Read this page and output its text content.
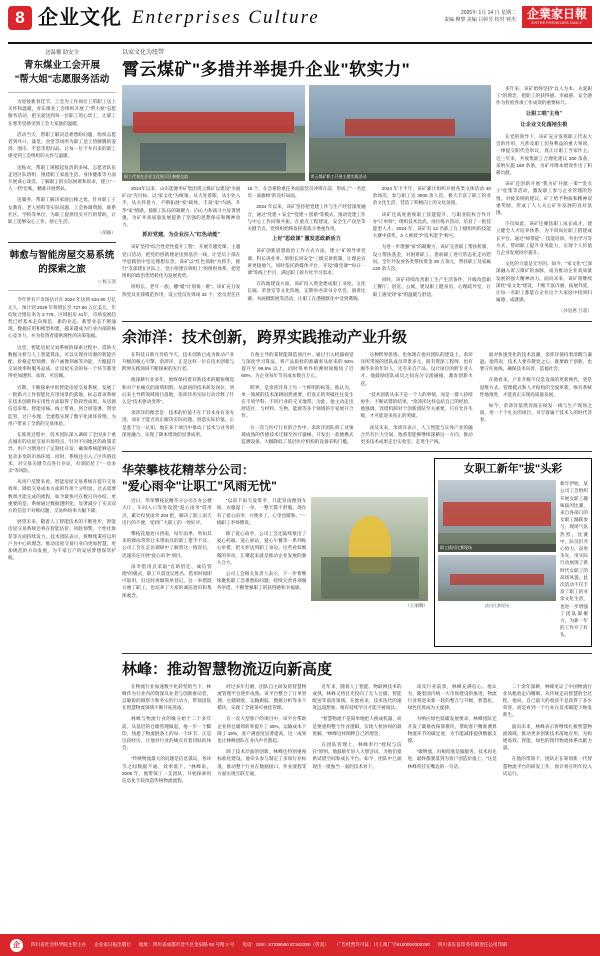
8 企业文化 Enterprises Culture	2025年 1月 14 日 星期二
责编 穆黎 美编 吕婷芳 校对 钟杰 企業家日報
ENTREPRENEURS DAILY
送温馨 助安全
青东煤业工会开展
"帮大姐"志愿服务活动

为迎接新春佳节，工会为工作岗位上的职工送上关怀和温暖，青东煤业工会组织开展了"帮大姐"志愿服务活动，把关爱送到每一位职工的心坎上，让职工在寒冬里感受到工会大家庭的温暖。

活动当天，帮职工解决急难愁盼问题，组织志愿者到井口、澡堂、食堂等场所为职工送上热腾腾的姜汤、围巾、手套等慰问品，让每一位下井归来的职工感受到工会组织的关怀与温暖。

送贴衣，帮职工规模起复清的多味。志愿者队伍走进区队班组，围绕职工家庭生活、身体健康等方面开展谈心谈话，了解职工的实际困难和诉求，建立"一人一档"台账，精准开展帮扶。

送服务，帮职工解决家庭后顾之忧。针对职工子女教育、老人照料等实际问题，工会协调资源，联系社区、学校等单位，为职工提供切实可行的帮助，让职工能够安心工作、舒心生活。

（胡颖）
韩愈与智能房屋交易系统
的探索之旅
□ 杨玉清

今年世有产市场估计在 2024 年达到 634.90 万亿元人，预计到 2029 年将增长至 727.80 万亿美元，年均复合增长率为 2.775。区域租房 41年，市场发展趋势已经基本走向规范，新的业态、新型业态不断涌现，数据应用和模型构建，越来越成为行业内部的核心竞争力，并为投资者提供理性的决策依据。

这里，智能房屋交易系统的探索过程中，借助大数据分析与人工智能算法，可以实现对房源的智能匹配、价格走势预测、客户画像刻画等功能，大幅提升交易效率和服务品质，让房屋买卖的每一个环节都变得更加透明、高效、可信赖。

近期，不断探索中的智能房屋交易系统，发展了一批新兴工作智能化应用场景的落地，标志着该系统在技术创新和实用性方面取得了阶段性成果。从房源信息采集、智能审核、线上带看，到合同签署、资金监管、过户办理，全流程实现了数字化闭环管理，为用户带来了全新的交易体验。

在推进过程中，技术团队深入调研了全国多个重点城市的房屋交易市场特点，针对不同地区的政策差异、用户习惯进行了定制化开发，确保系统能够适应复杂多变的市场环境。同时，系统还引入了区块链技术，对交易关键节点进行存证，有效防范了"一房多卖"等风险。

从用户反馈来看，智能房屋交易系统在提升交易效率、降低交易成本方面的作用十分明显。过去需要数周才能完成的流程，如今最快可在数日内办结。更重要的是，系统通过数据透明化，显著减少了买卖双方的信息不对称问题，交易纠纷率大幅下降。

展望未来，随着人工智能技术的不断进步，智能房屋交易系统还将在智能估价、风险预警、个性化推荐等方面持续发力。技术团队表示，将继续秉持以用户为中心的理念，推动房屋交易行业向更加智慧、更加规范的方向发展，为千家万户的安居梦想保驾护航。

以家文化为纽带
霄云煤矿"多措并举提升企业"软实力"
职工代表在企业文化展示区参观交流	霄云煤矿职工开展主题实践活动

2024年以来，山东能源枣矿集团霄云煤矿以建设"幸福矿山"为目标，以"家文化"为统领，从大处着眼、从小处入手，从关怀着力，不断拓展"家"载体、丰富"家"内涵、升华"家"情感，使职工队伍的凝聚力、向心力和战斗力显著增强，为矿井高质量发展提供了坚强的思想保证和精神动力。

抓好党建，为企业注入"红色动能"

该矿坚持"综合性党性提升工程"，开展专题党课、主题党日活动，把党的创新理论送到基层一线，让党员干部在学思践悟中坚定理想信念。该矿以"红色领航"为抓手，推行"支部建在区队上、党小组建在班组上"的组织体系，把党组织的政治优势转化为发展优势。

班组长、老年一族、撒"暖"计划推一难"。该矿充分发挥党员先锋模范作用，设立党员先锋岗 32 个、党员责任区 18 个，在急难险重任务面前党员冲锋在前，形成了"一名党员一面旗帜"的良好局面。

2024 年以来，该矿坚持把党建工作与生产经营深度融合，通过"党建 + 安全""党建 + 创新"等模式，推动党建工作与中心工作同频共振。在重点工程建设、安全生产攻坚等关键节点，党组织始终发挥着战斗堡垒作用。

上好"思政课" 激发思政新活力

该矿创新思想政治工作方式方法，建立"矿领导讲党课、科长讲业务、班组长讲安全"三级宣讲机制，让理论宣讲更接地气。同时依托新媒体平台，开设"微党课""每日一课"等线上栏目，满足职工碎片化学习需求。

在阵地建设方面，该矿投入资金建成职工书屋、文化长廊、荣誉室等文化阵地，定期举办读书分享会、演讲比赛、书画摄影展等活动，让职工在潜移默化中受到熏陶。

2024 年下半年，该矿累计组织开展各类文体活动 40 余场次，参与职工达 3000 余人次，极大丰富了职工的业余文化生活，营造了积极向上的文化氛围。

该矿还高度重视职工技能提升，与职业院校合作开办"订单班"，组织技术比武、岗位练兵活动，培育了一批技能型人才。2024 年，该矿有 12 名职工在上级组织的技能大赛中获奖，3 人被授予"技术能手"称号。

为进一步增强"家"的凝聚力，该矿完善职工帮扶机制，设立帮扶基金，对困难职工、患病职工进行常态化走访慰问。全年共发放各类帮扶资金 28 万余元，帮扶职工及家属 120 余人次。

同时，该矿持续改善职工生产生活条件，升级改造职工餐厅、浴室、公寓，建设职工健身房、心理疏导室，让职工感受到"家"的温暖与舒适。

多年来，该矿始终坚持"以人为本、关爱职工"的理念，把职工的获得感、幸福感、安全感作为检验各项工作成效的重要标尺。

让职工唱"主角"

让企业文化落地生根

在党的领导下，该矿充分发挥职工代表大会的作用，凡涉及职工切身利益的重大事项，一律提交职代会审议，真正让职工当家作主。近三年来，共收集职工合理化建议 260 余条，采纳实施 180 余条，为矿井降本增效作出了积极贡献。

该矿还创新开展"我为矿井献一策""金点子"征集等活动，激发职工参与企业管理的热情。对被采纳的建议，矿上给予物质和精神双重奖励，形成了人人关心矿井发展的良好氛围。

不仅如此，该矿还聚焦职工成长成才，建立健全人才培养体系，为不同岗位职工搭建成长平台。通过"师带徒"、技能培训、外出学习等方式，帮助职工提升业务能力，实现个人价值与企业发展同步提升。

文化的力量是无穷的。如今，"家文化"已深深融入霄云煤矿的血脉，成为推动企业高质量发展的强大精神动力。面向未来，该矿将继续深化"家文化"建设，不断丰富内涵、拓展外延，让每一名职工都能在企业这个大家庭中找到归属感、成就感。

（孙思惠 吕超）
余沛洋：技术创新，跨界实践推动产业升级

在科技日新月异的今天，技术创新已成为推动产业升级的核心引擎。余沛洋，正是这样一位在技术创新与跨界实践领域不断探索的先行者。

他深耕行业多年，始终保持着对新技术的敏锐嗅觉和对产业痛点的深刻洞察。从最初的技术研发岗位，到后来主导跨领域项目落地，余沛洋用实际行动诠释了什么是"技术驱动变革"。

余沛洋的理念是：技术的价值不在于其本身有多先进，而在于能否真正解决实际问题、创造实际价值。正是基于这一认知，他在多个项目中推动了技术与业务的深度融合，实现了降本增效的显著成果。

在他主导的某智能制造项目中，通过引入机器视觉与深度学习算法，将产品质检的准确率从原来的 92% 提升至 99.5% 以上，同时将单件检测时间缩短了近 60%，为企业每年节省成本数百万元。

跨界，是余沛洋身上另一个鲜明的标签。他认为，单一领域的技术深耕固然重要，但真正的突破往往发生在不同学科、不同行业的交叉地带。为此，他主动走出舒适区，与材料、生物、能源等多个领域的专家展开合作。

在一次与医疗行业的合作中，余沛洋团队将工业领域成熟的传感技术迁移至医疗器械，开发出一款便携式监测设备，大幅降低了基层医疗机构的设备采购门槛。

这种跨界思维，也体现在他对团队的建设上。余沛洋所带领的团队成员背景多元，既有资深工程师，也有刚毕业的年轻人，还有来自产品、设计岗位的跨专业人才。他鼓励团队成员之间充分交流碰撞，激发创新火花。

"技术创新从来不是一个人的事情，而是一群人持续协作、不断试错的结果。"余沛洋这样总结自己的经验。他强调，容错机制对于创新团队至关重要，只有允许失败，才可能迎来真正的突破。

谈及未来，余沛洋表示，人工智能与实体产业的融合仍有巨大空间。他希望能够继续深耕这一方向，推动更多技术成果走出实验室、走进生产线。

面对快速变化的技术浪潮，余沛洋保持着清醒与谦逊。他常说，技术人要有敬畏之心，既要敢于创新，也要守住底线，确保技术向善、造福社会。

在他看来，产业升级不仅是设备的更新换代，更是思维方式、管理模式和人才结构的全面革新。唯有系统性地推进，才能真正实现高质量发展。

如今，余沛洋依然奔波在研发一线与生产现场之间，用一个个扎实的项目，书写着属于技术人的时代答卷。

华荣攀枝花精萃分公司：
"爱心雨伞"让职工"风雨无忧"

近日，华荣攀枝花精萃分公司在办公楼大厅、车间入口等处设置"爱心雨伞"借用点，累计投放雨伞 204 把，解决了职工雨天出行的不便，受到广大职工的一致好评。

攀枝花地处川西南，每年雨季，突如其来的降雨常常让未带雨具的职工措手不及。公司工会在走访调研中了解到这一情况后，迅速决定开展"爱心雨伞"项目。

雨伞借用点采取"自助借还、诚信管理"的模式，职工只需登记姓名、借用时间即可取用，归还时再做简单登记。这一举措既方便了职工，也培养了大家的诚信意识和集体观念。

"以前下雨天没带伞，只能冒雨跑到车间，衣服湿了一身，一整天都不舒服。现在有了爱心雨伞，方便多了，心里也暖和。"一线职工李师傅说。

除了爱心雨伞，公司工会还陆续推出了爱心药箱、爱心驿站、爱心午餐等一系列贴心举措，把关怀送到职工身边。这些看似细微的举动，汇聚起来就是推动企业发展的强大合力。

公司工会相关负责人表示，下一步将继续聚焦职工急难愁盼问题，持续完善各项服务举措，不断增强职工的获得感和幸福感。

（王丽娜）
女职工新年"拔"头彩
职工拔河比赛现场
拔河比赛现场

新年伊始，某公司工会组织开展女职工趣味拔河比赛，来自各部门的女职工踊跃参与，现场气氛热烈。比赛中，队员们齐心协力、奋勇争先，用实际行动展现了新时代女职工的昂扬风貌。此次活动不仅丰富了职工的业余文化生活，也进一步增强了团队凝聚力，为新一年的工作开了好头。

林峰：推动智慧物流迈向新高度

在物流行业加速数字化转型的当下，林峰作为行业内的资深从业者与创新推动者，以敏锐的洞察力和务实的行动力，带领团队在智慧物流领域不断开拓进取。

林峰与物流行业的缘分始于二十多年前。从基层的仓储管理做起，他一步一个脚印，熟悉了物流链条上的每一个环节。正是这段经历，让他对行业的痛点有着切肤的体会。

"传统物流最大的问题是信息孤岛，各环节之间数据不通、效率低下。"林峰说。2005 年，他带领了一支团队，开始探索用信息化手段改造传统物流流程。

经过多年打磨，团队自主研发的智慧物流管理平台逐步成熟。该平台整合了订单管理、仓储调度、运输跟踪、数据分析等多个模块，实现了全链条可视化管理。

在一次大型客户的项目中，该平台帮助企业将仓储周转率提升了 35%，运输成本下降了 18%，客户满意度显著提高。这一成果也让林峰团队在业内声名鹊起。

除了技术层面的创新，林峰还特别重视标准化建设。他牵头参与制定了多项行业标准，推动整个行业在数据接口、作业流程等方面实现互联互通。

近年来，随着人工智能、物联网技术的成熟，林峰又将目光投向了无人仓储、智能配送等前沿领域。在他看来，技术迭代的速度远超想象，唯有持续学习才能不被淘汰。

"智慧物流不是简单地把人换成机器，而是要重构整个作业逻辑，实现人机协同的最优解。"林峰这样阐释自己的理念。

在团队管理上，林峰奉行"授权与信任"原则。他鼓励年轻人大胆尝试，为他们提供试错空间和成长平台。如今，团队中已涌现出一批独当一面的技术骨干。

谈及行业前景，林峰充满信心。他认为，随着国内统一大市场建设的推进，物流行业将迎来新一轮的整合与升级，智慧化、绿色化将成为主旋律。

为响应绿色低碳发展要求，林峰团队还开发了碳排放核算模块，帮助客户精准测算物流环节的碳足迹，为节能减排提供数据支撑。

"做物流，归根结底是做服务。技术再先进，最终都要落到为客户创造价值上。"这是林峰常挂在嘴边的一句话。

二十余年深耕，林峰见证了中国物流行业从粗放走向精细、从传统走向智慧的全过程。他说，自己最大的收获不是获得了多少荣誉，而是看到一个行业在技术赋能下焕发新生。

面向未来，林峰表示将继续扎根智慧物流领域，推动更多创新技术落地应用，为构建高效、智能、绿色的现代物流体系贡献力量。

在他的带领下，团队正在筹划新一代智慧物流平台的研发工作，预计将在明年投入试运行。

企	四川省社会科学院主管主办 企业家日报出版社 地址：四川省成都市金牛区金泉路 93 号附 2 号 电话：028）87339500 87342250（传真） 广告经营许可证：川工商广字5100004000280 四川省长征印务有限责任公司印刷
